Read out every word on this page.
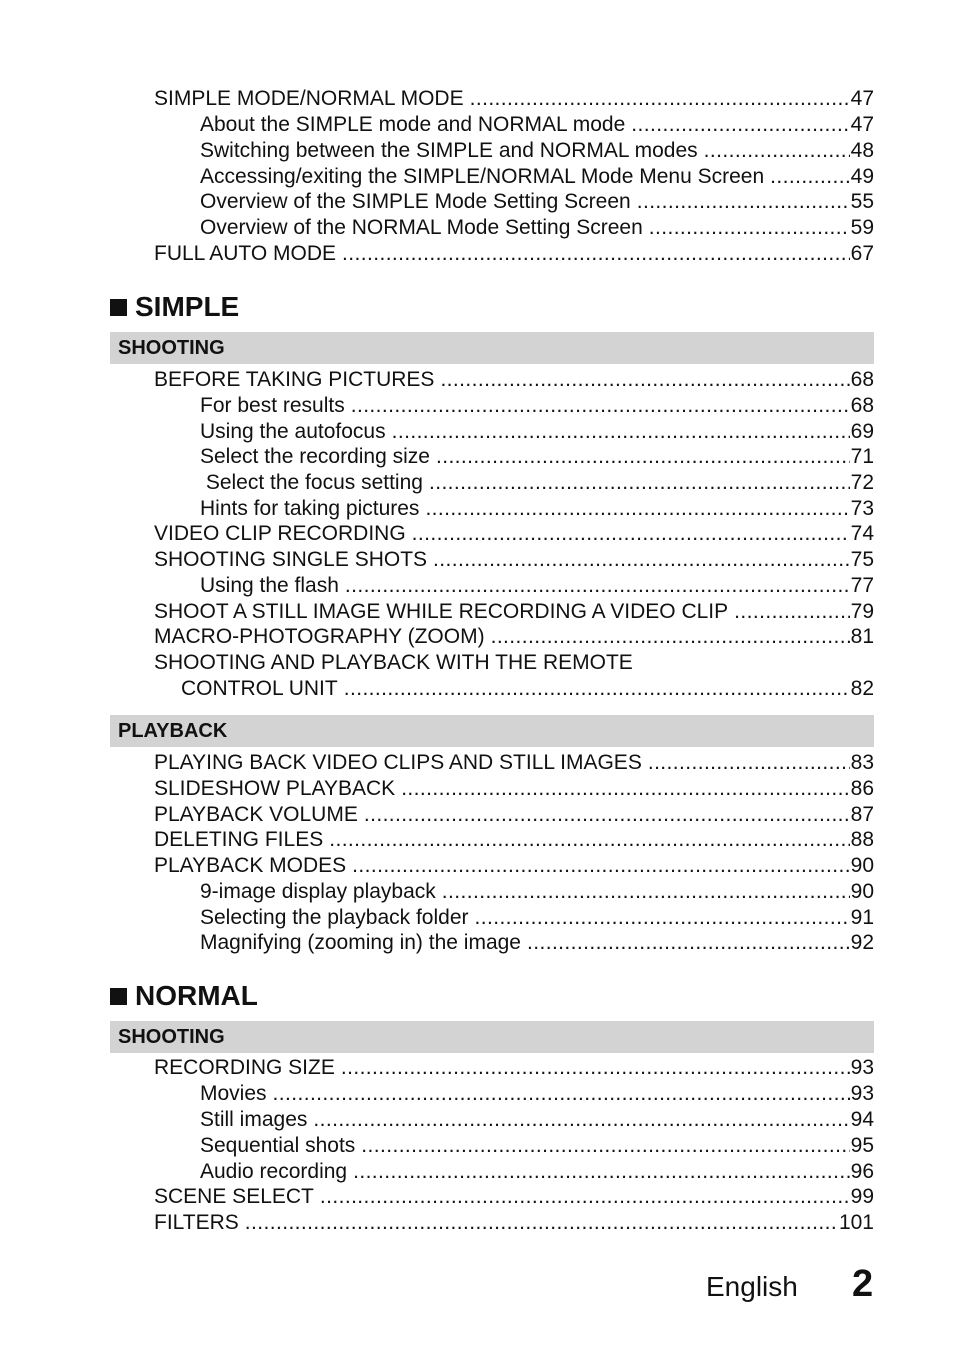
SIMPLE MODE/NORMAL MODE .....	47
About the SIMPLE mode and NORMAL mode .....	47
Switching between the SIMPLE and NORMAL modes .....	48
Accessing/exiting the SIMPLE/NORMAL Mode Menu Screen .....	49
Overview of the SIMPLE Mode Setting Screen .....	55
Overview of the NORMAL Mode Setting Screen .....	59
FULL AUTO MODE .....	67
SIMPLE
SHOOTING
BEFORE TAKING PICTURES .....	68
For best results .....	68
Using the autofocus .....	69
Select the recording size .....	71
Select the focus setting .....	72
Hints for taking pictures .....	73
VIDEO CLIP RECORDING .....	74
SHOOTING SINGLE SHOTS .....	75
Using the flash .....	77
SHOOT A STILL IMAGE WHILE RECORDING A VIDEO CLIP .....	79
MACRO-PHOTOGRAPHY (ZOOM) .....	81
SHOOTING AND PLAYBACK WITH THE REMOTE
CONTROL UNIT .....	82
PLAYBACK
PLAYING BACK VIDEO CLIPS AND STILL IMAGES .....	83
SLIDESHOW PLAYBACK .....	86
PLAYBACK VOLUME .....	87
DELETING FILES .....	88
PLAYBACK MODES .....	90
9-image display playback .....	90
Selecting the playback folder .....	91
Magnifying (zooming in) the image .....	92
NORMAL
SHOOTING
RECORDING SIZE .....	93
Movies .....	93
Still images .....	94
Sequential shots .....	95
Audio recording .....	96
SCENE SELECT .....	99
FILTERS .....	101
English 2
